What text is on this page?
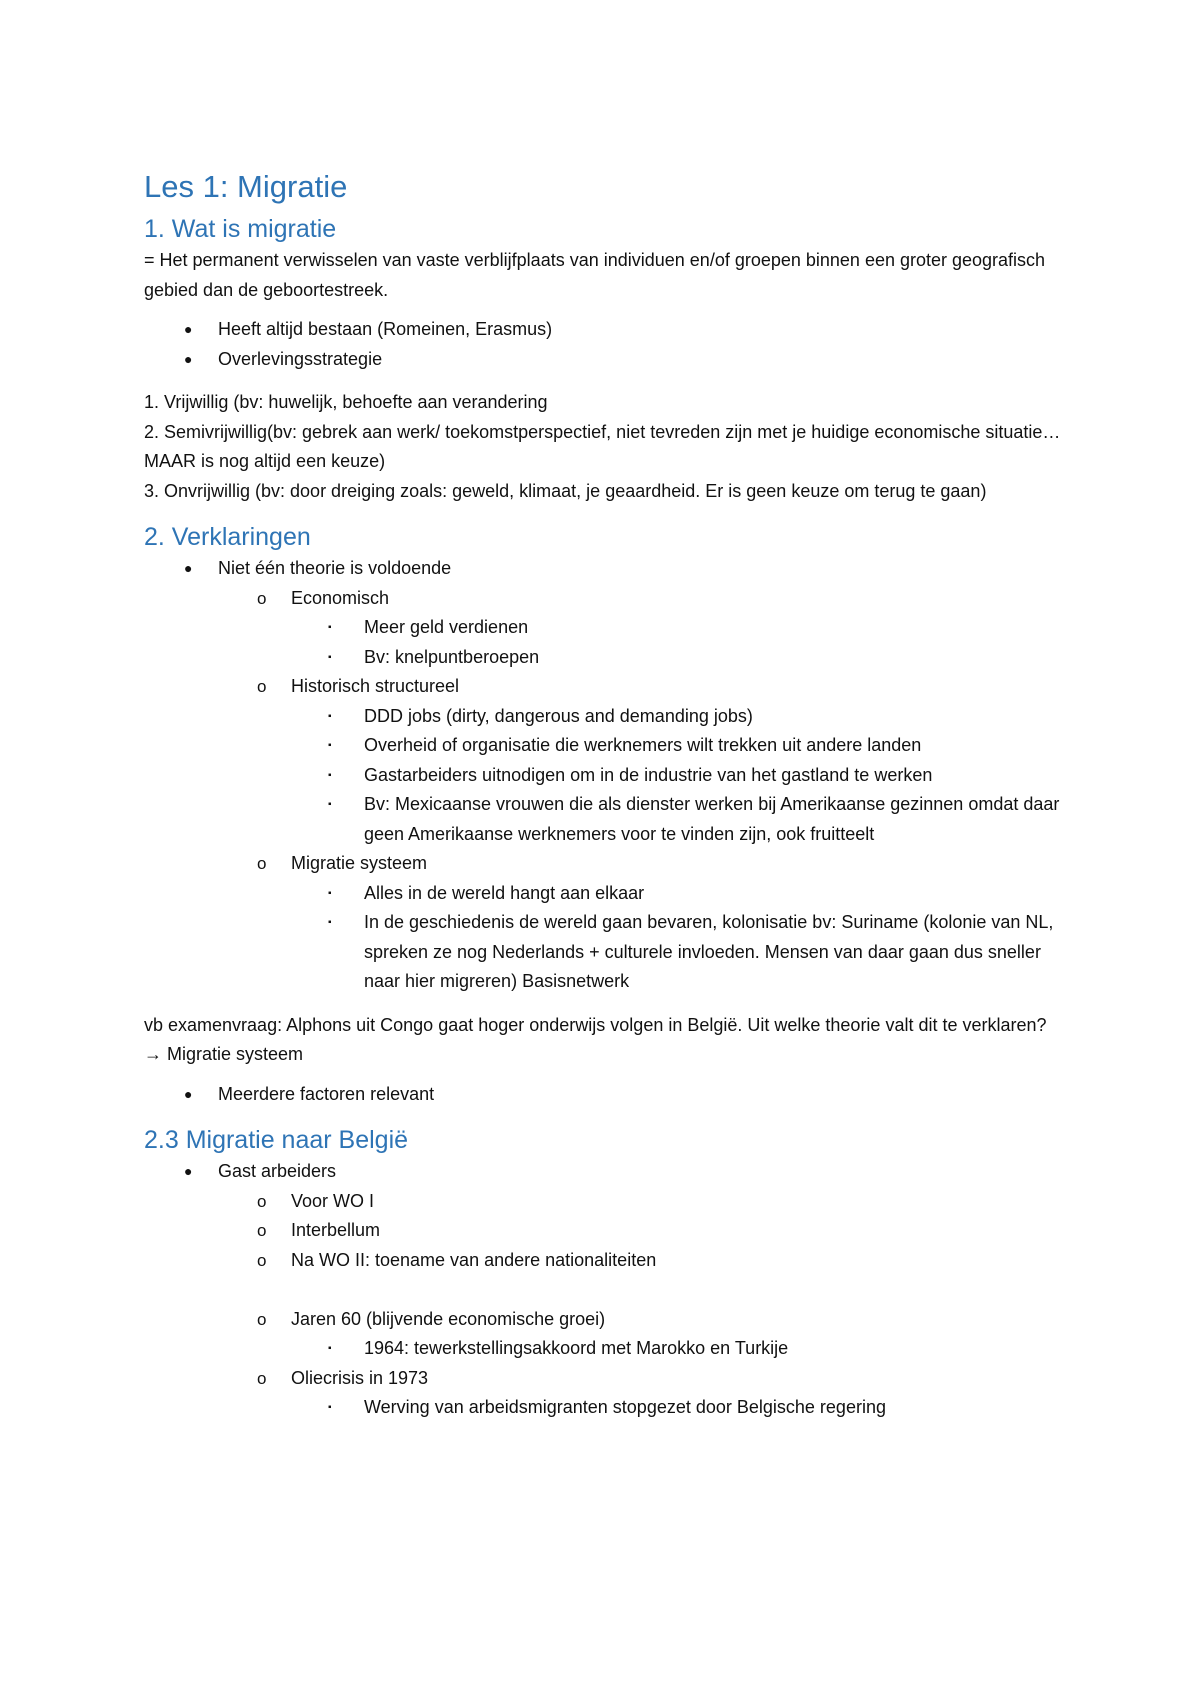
Les 1: Migratie
1. Wat is migratie

= Het permanent verwisselen van vaste verblijfplaats van individuen en/of groepen binnen een groter geografisch gebied dan de geboortestreek.

● Heeft altijd bestaan (Romeinen, Erasmus)
● Overlevingsstrategie

1. Vrijwillig (bv: huwelijk, behoefte aan verandering

2. Semivrijwillig(bv: gebrek aan werk/ toekomstperspectief, niet tevreden zijn met je huidige economische situatie… MAAR is nog altijd een keuze)

3. Onvrijwillig (bv: door dreiging zoals: geweld, klimaat, je geaardheid. Er is geen keuze om terug te gaan)

2. Verklaringen
● Niet één theorie is voldoende
o Economisch
▪ Meer geld verdienen
▪ Bv: knelpuntberoepen
o Historisch structureel
▪ DDD jobs (dirty, dangerous and demanding jobs)
▪ Overheid of organisatie die werknemers wilt trekken uit andere landen
▪ Gastarbeiders uitnodigen om in de industrie van het gastland te werken
▪ Bv: Mexicaanse vrouwen die als dienster werken bij Amerikaanse gezinnen omdat daar geen Amerikaanse werknemers voor te vinden zijn, ook fruitteelt
o Migratie systeem
▪ Alles in de wereld hangt aan elkaar
▪ In de geschiedenis de wereld gaan bevaren, kolonisatie bv: Suriname (kolonie van NL, spreken ze nog Nederlands + culturele invloeden. Mensen van daar gaan dus sneller naar hier migreren) Basisnetwerk

vb examenvraag: Alphons uit Congo gaat hoger onderwijs volgen in België. Uit welke theorie valt dit te verklaren? → Migratie systeem

● Meerdere factoren relevant
2.3 Migratie naar België
● Gast arbeiders
o Voor WO I
o Interbellum
o Na WO II: toename van andere nationaliteiten
o Jaren 60 (blijvende economische groei)
▪ 1964: tewerkstellingsakkoord met Marokko en Turkije
o Oliecrisis in 1973
▪ Werving van arbeidsmigranten stopgezet door Belgische regering
